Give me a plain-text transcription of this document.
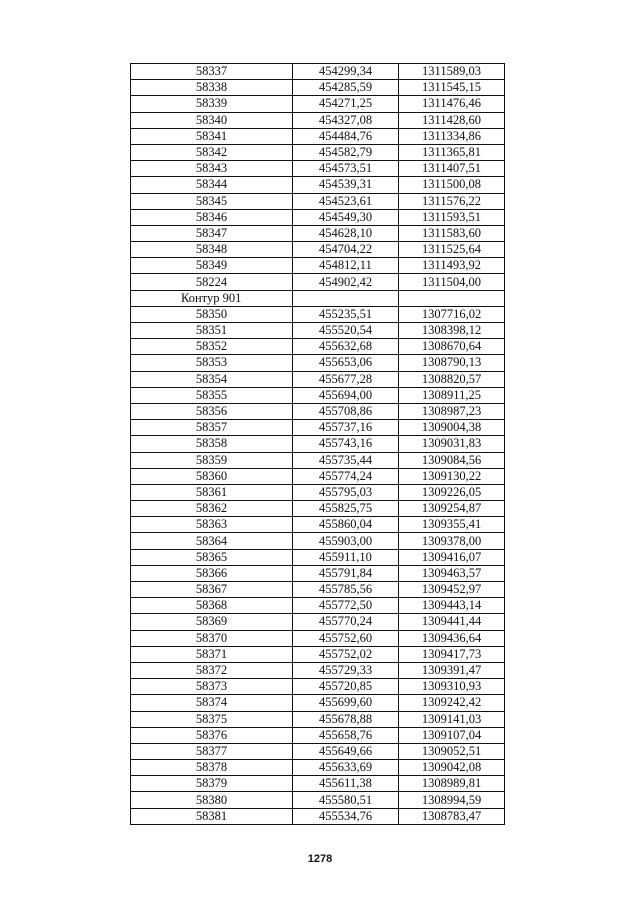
58337	454299,34	1311589,03
58338	454285,59	1311545,15
58339	454271,25	1311476,46
58340	454327,08	1311428,60
58341	454484,76	1311334,86
58342	454582,79	1311365,81
58343	454573,51	1311407,51
58344	454539,31	1311500,08
58345	454523,61	1311576,22
58346	454549,30	1311593,51
58347	454628,10	1311583,60
58348	454704,22	1311525,64
58349	454812,11	1311493,92
58224	454902,42	1311504,00
Контур 901		
58350	455235,51	1307716,02
58351	455520,54	1308398,12
58352	455632,68	1308670,64
58353	455653,06	1308790,13
58354	455677,28	1308820,57
58355	455694,00	1308911,25
58356	455708,86	1308987,23
58357	455737,16	1309004,38
58358	455743,16	1309031,83
58359	455735,44	1309084,56
58360	455774,24	1309130,22
58361	455795,03	1309226,05
58362	455825,75	1309254,87
58363	455860,04	1309355,41
58364	455903,00	1309378,00
58365	455911,10	1309416,07
58366	455791,84	1309463,57
58367	455785,56	1309452,97
58368	455772,50	1309443,14
58369	455770,24	1309441,44
58370	455752,60	1309436,64
58371	455752,02	1309417,73
58372	455729,33	1309391,47
58373	455720,85	1309310,93
58374	455699,60	1309242,42
58375	455678,88	1309141,03
58376	455658,76	1309107,04
58377	455649,66	1309052,51
58378	455633,69	1309042,08
58379	455611,38	1308989,81
58380	455580,51	1308994,59
58381	455534,76	1308783,47
1278
